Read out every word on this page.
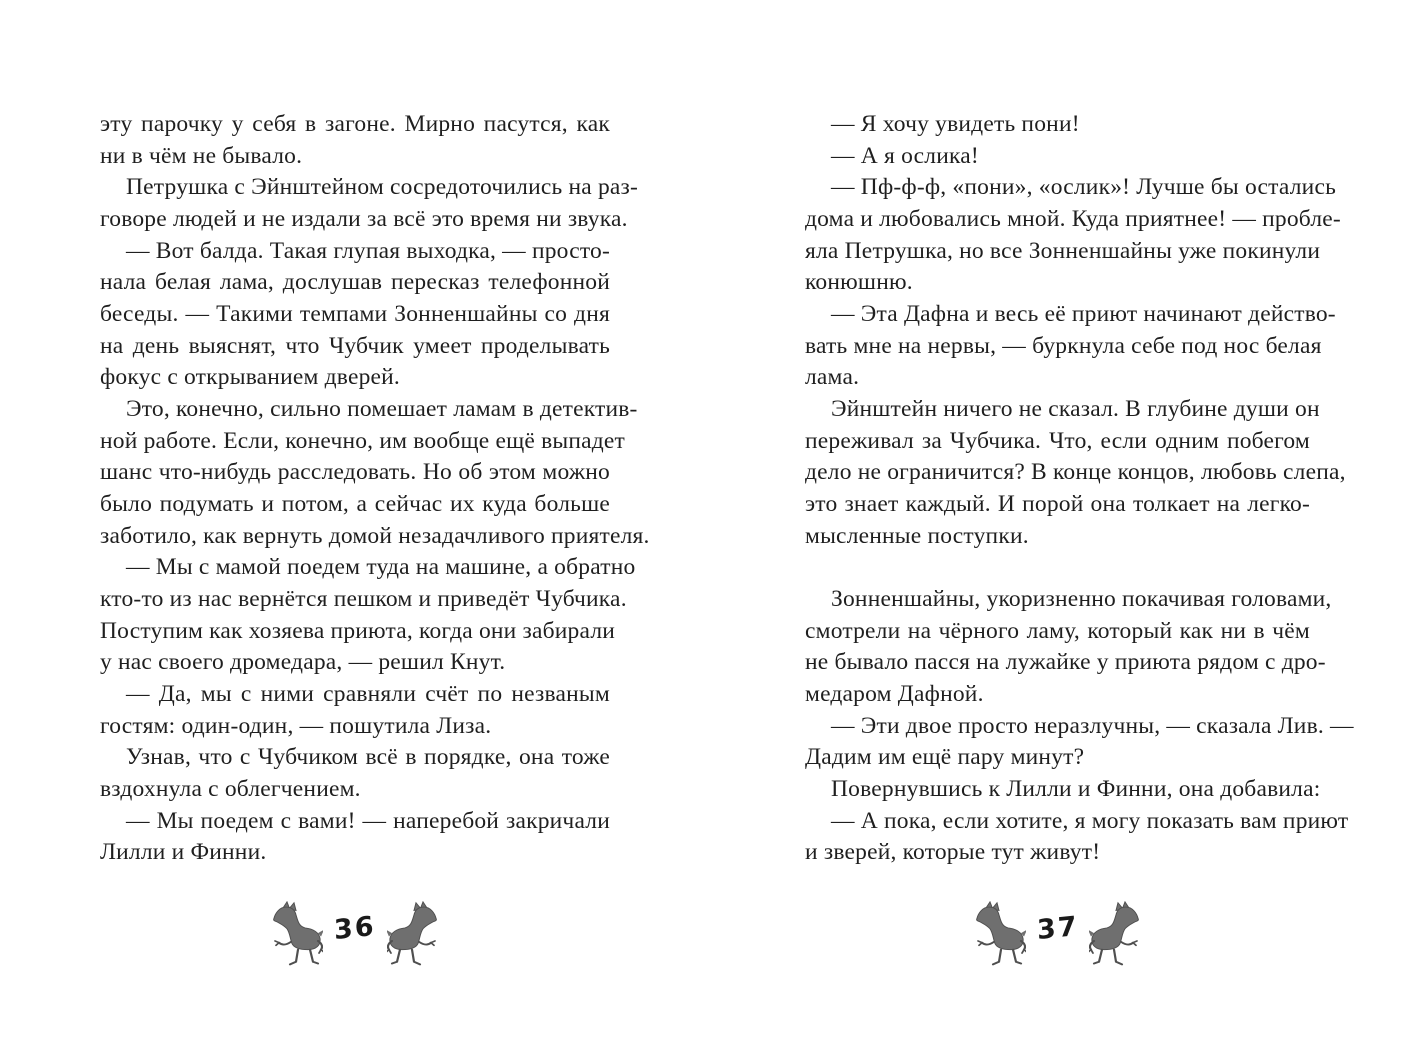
эту парочку у себя в загоне. Мирно пасутся, как
ни в чём не бывало.
Петрушка с Эйнштейном сосредоточились на раз-
говоре людей и не издали за всё это время ни звука.
— Вот балда. Такая глупая выходка, — просто-
нала белая лама, дослушав пересказ телефонной
беседы. — Такими темпами Зонненшайны со дня
на день выяснят, что Чубчик умеет проделывать
фокус с открыванием дверей.
Это, конечно, сильно помешает ламам в детектив-
ной работе. Если, конечно, им вообще ещё выпадет
шанс что-нибудь расследовать. Но об этом можно
было подумать и потом, а сейчас их куда больше
заботило, как вернуть домой незадачливого приятеля.
— Мы с мамой поедем туда на машине, а обратно
кто-то из нас вернётся пешком и приведёт Чубчика.
Поступим как хозяева приюта, когда они забирали
у нас своего дромедара, — решил Кнут.
— Да, мы с ними сравняли счёт по незваным
гостям: один-один, — пошутила Лиза.
Узнав, что с Чубчиком всё в порядке, она тоже
вздохнула с облегчением.
— Мы поедем с вами! — наперебой закричали
Лилли и Финни.
36
— Я хочу увидеть пони!
— А я ослика!
— Пф-ф-ф, «пони», «ослик»! Лучше бы остались
дома и любовались мной. Куда приятнее! — пробле-
яла Петрушка, но все Зонненшайны уже покинули
конюшню.
— Эта Дафна и весь её приют начинают действо-
вать мне на нервы, — буркнула себе под нос белая
лама.
Эйнштейн ничего не сказал. В глубине души он
переживал за Чубчика. Что, если одним побегом
дело не ограничится? В конце концов, любовь слепа,
это знает каждый. И порой она толкает на легко-
мысленные поступки.
Зонненшайны, укоризненно покачивая головами,
смотрели на чёрного ламу, который как ни в чём
не бывало пасся на лужайке у приюта рядом с дро-
медаром Дафной.
— Эти двое просто неразлучны, — сказала Лив. —
Дадим им ещё пару минут?
Повернувшись к Лилли и Финни, она добавила:
— А пока, если хотите, я могу показать вам приют
и зверей, которые тут живут!
37
